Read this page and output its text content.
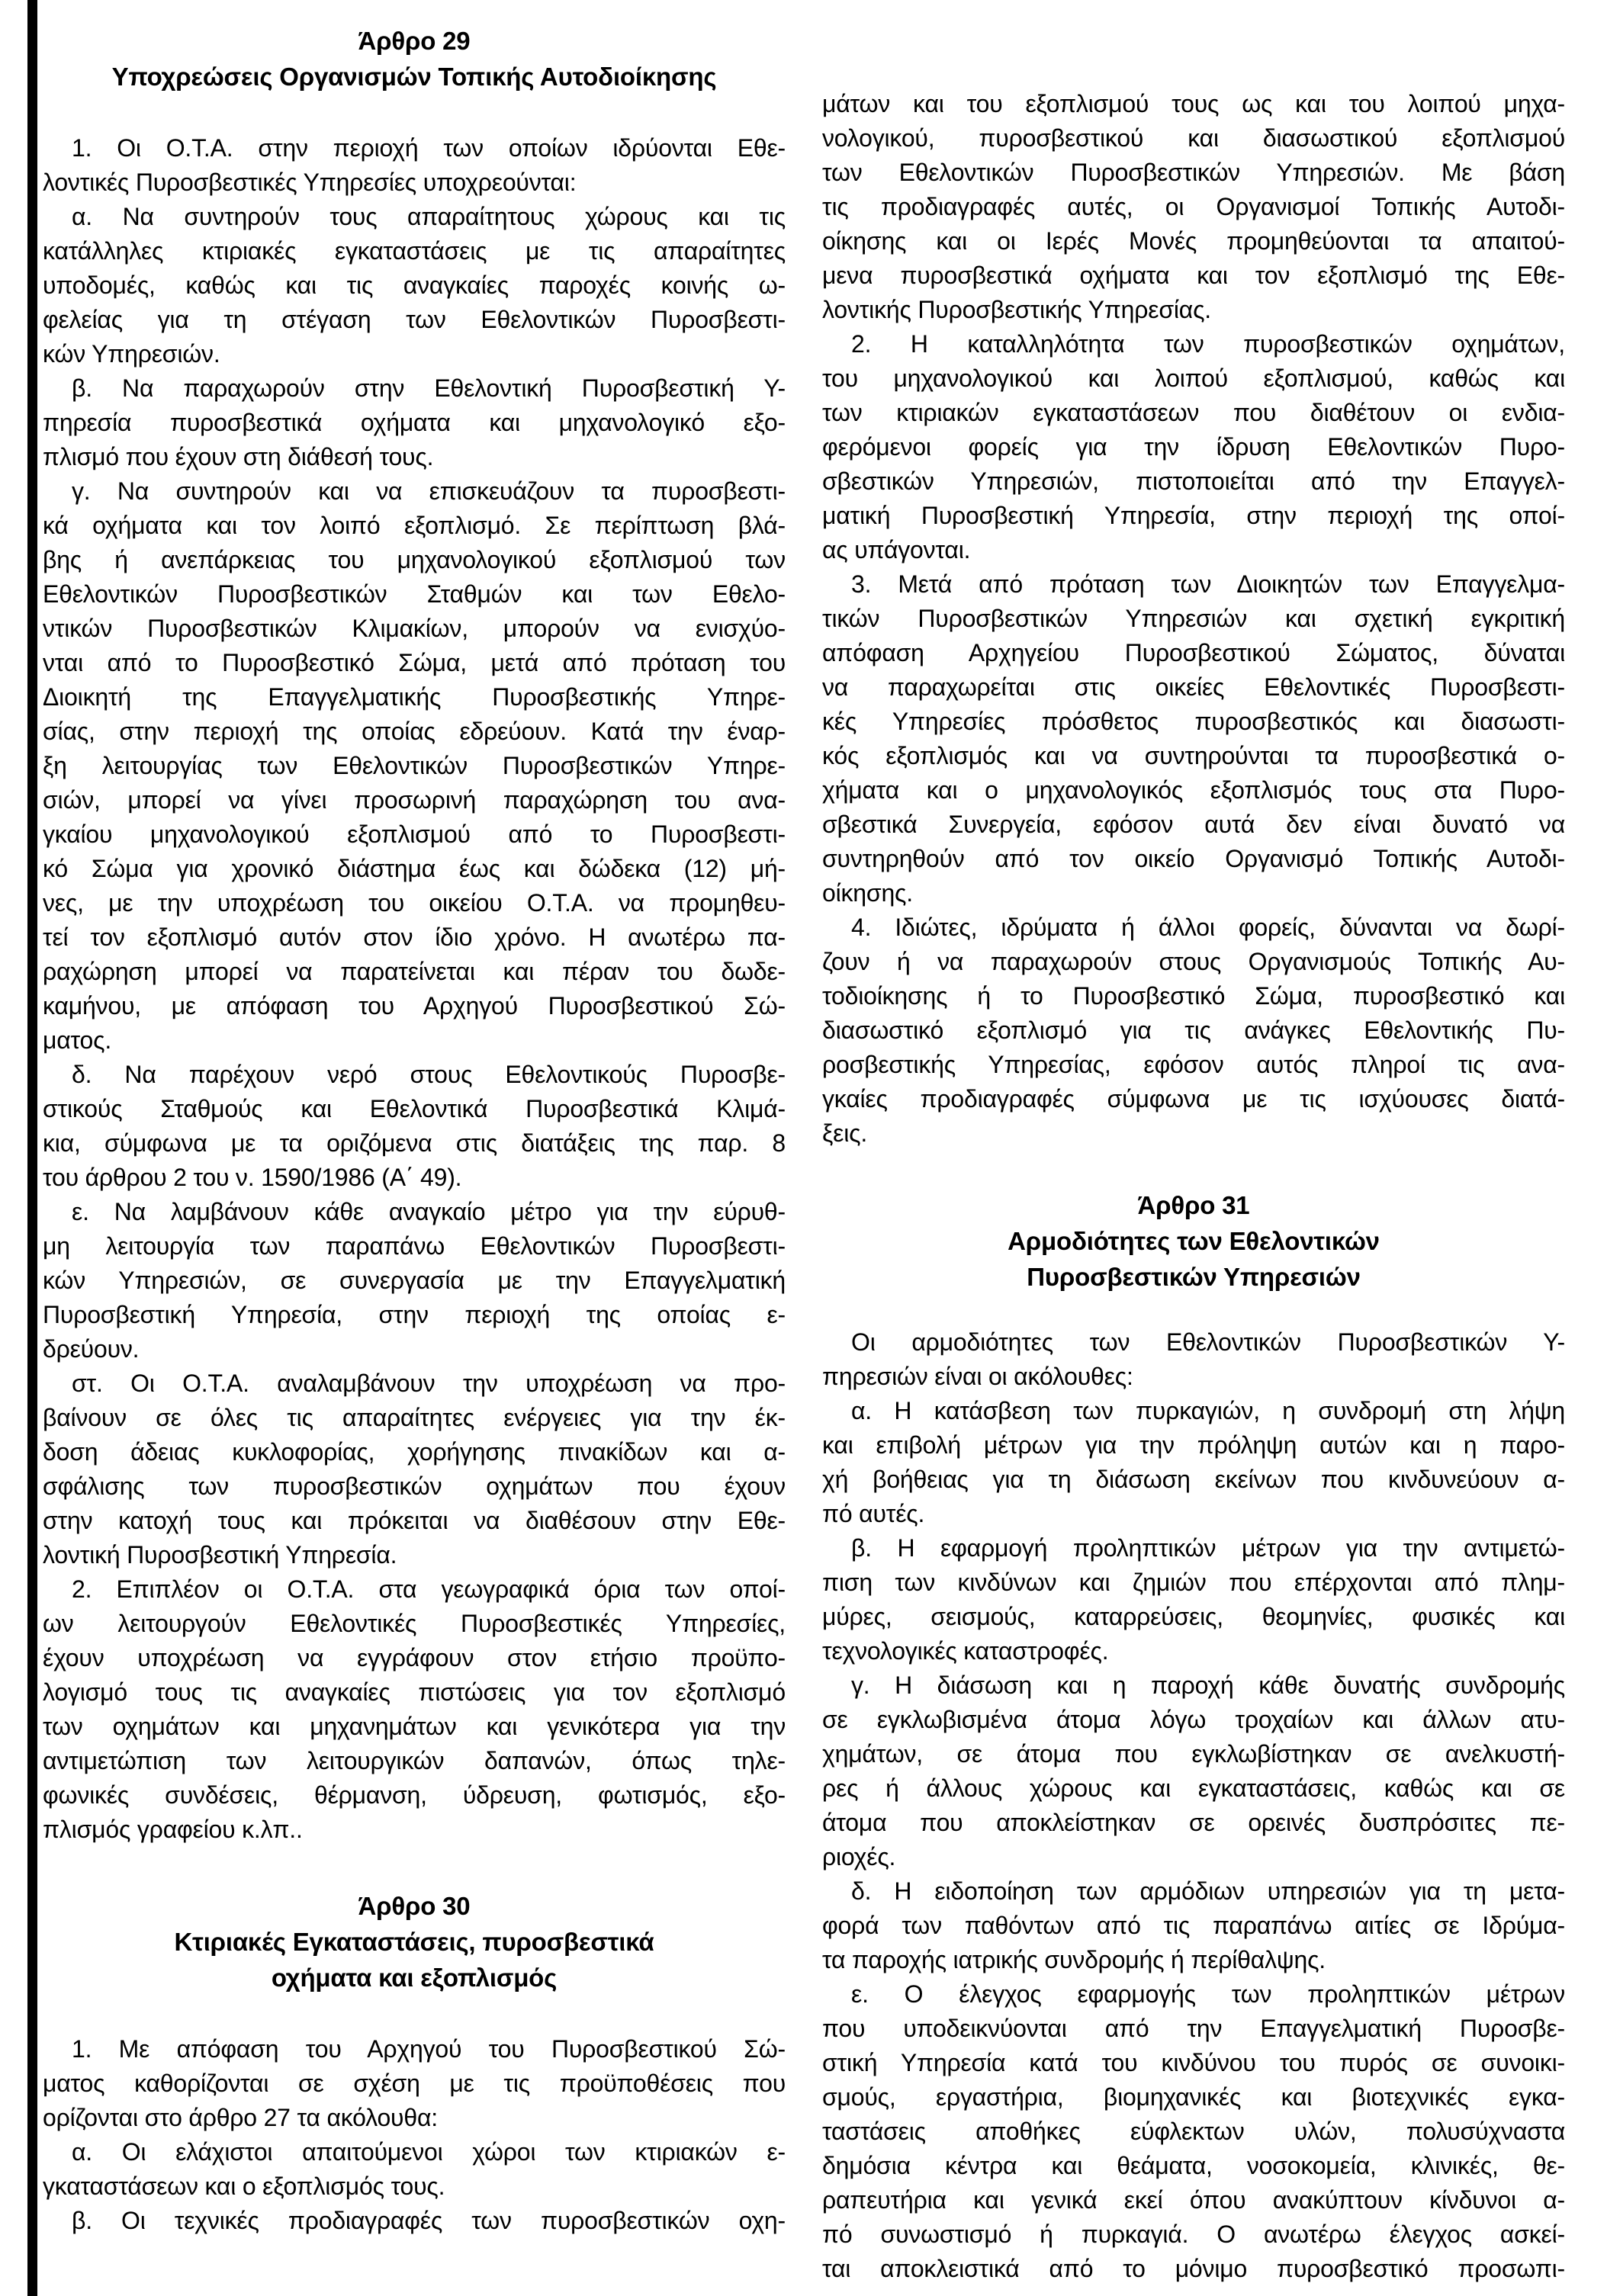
Άρθρο 29
Υποχρεώσεις Οργανισμών Τοπικής Αυτοδιοίκησης
1. Οι Ο.Τ.Α. στην περιοχή των οποίων ιδρύονται Εθε-
λοντικές Πυροσβεστικές Υπηρεσίες υποχρεούνται:
α. Να συντηρούν τους απαραίτητους χώρους και τις
κατάλληλες κτιριακές εγκαταστάσεις με τις απαραίτητες
υποδομές, καθώς και τις αναγκαίες παροχές κοινής ω-
φελείας για τη στέγαση των Εθελοντικών Πυροσβεστι-
κών Υπηρεσιών.
β. Να παραχωρούν στην Εθελοντική Πυροσβεστική Υ-
πηρεσία πυροσβεστικά οχήματα και μηχανολογικό εξο-
πλισμό που έχουν στη διάθεσή τους.
γ. Να συντηρούν και να επισκευάζουν τα πυροσβεστι-
κά οχήματα και τον λοιπό εξοπλισμό. Σε περίπτωση βλά-
βης ή ανεπάρκειας του μηχανολογικού εξοπλισμού των
Εθελοντικών Πυροσβεστικών Σταθμών και των Εθελο-
ντικών Πυροσβεστικών Κλιμακίων, μπορούν να ενισχύο-
νται από το Πυροσβεστικό Σώμα, μετά από πρόταση του
Διοικητή της Επαγγελματικής Πυροσβεστικής Υπηρε-
σίας, στην περιοχή της οποίας εδρεύουν. Κατά την έναρ-
ξη λειτουργίας των Εθελοντικών Πυροσβεστικών Υπηρε-
σιών, μπορεί να γίνει προσωρινή παραχώρηση του ανα-
γκαίου μηχανολογικού εξοπλισμού από το Πυροσβεστι-
κό Σώμα για χρονικό διάστημα έως και δώδεκα (12) μή-
νες, με την υποχρέωση του οικείου Ο.Τ.Α. να προμηθευ-
τεί τον εξοπλισμό αυτόν στον ίδιο χρόνο. Η ανωτέρω πα-
ραχώρηση μπορεί να παρατείνεται και πέραν του δωδε-
καμήνου, με απόφαση του Αρχηγού Πυροσβεστικού Σώ-
ματος.
δ. Να παρέχουν νερό στους Εθελοντικούς Πυροσβε-
στικούς Σταθμούς και Εθελοντικά Πυροσβεστικά Κλιμά-
κια, σύμφωνα με τα οριζόμενα στις διατάξεις της παρ. 8
του άρθρου 2 του ν. 1590/1986 (Α΄ 49).
ε. Να λαμβάνουν κάθε αναγκαίο μέτρο για την εύρυθ-
μη λειτουργία των παραπάνω Εθελοντικών Πυροσβεστι-
κών Υπηρεσιών, σε συνεργασία με την Επαγγελματική
Πυροσβεστική Υπηρεσία, στην περιοχή της οποίας ε-
δρεύουν.
στ. Οι Ο.Τ.Α. αναλαμβάνουν την υποχρέωση να προ-
βαίνουν σε όλες τις απαραίτητες ενέργειες για την έκ-
δοση άδειας κυκλοφορίας, χορήγησης πινακίδων και α-
σφάλισης των πυροσβεστικών οχημάτων που έχουν
στην κατοχή τους και πρόκειται να διαθέσουν στην Εθε-
λοντική Πυροσβεστική Υπηρεσία.
2. Επιπλέον οι Ο.Τ.Α. στα γεωγραφικά όρια των οποί-
ων λειτουργούν Εθελοντικές Πυροσβεστικές Υπηρεσίες,
έχουν υποχρέωση να εγγράφουν στον ετήσιο προϋπο-
λογισμό τους τις αναγκαίες πιστώσεις για τον εξοπλισμό
των οχημάτων και μηχανημάτων και γενικότερα για την
αντιμετώπιση των λειτουργικών δαπανών, όπως τηλε-
φωνικές συνδέσεις, θέρμανση, ύδρευση, φωτισμός, εξο-
πλισμός γραφείου κ.λπ..
Άρθρο 30
Κτιριακές Εγκαταστάσεις, πυροσβεστικά
οχήματα και εξοπλισμός
1. Με απόφαση του Αρχηγού του Πυροσβεστικού Σώ-
ματος καθορίζονται σε σχέση με τις προϋποθέσεις που
ορίζονται στο άρθρο 27 τα ακόλουθα:
α. Οι ελάχιστοι απαιτούμενοι χώροι των κτιριακών ε-
γκαταστάσεων και ο εξοπλισμός τους.
β. Οι τεχνικές προδιαγραφές των πυροσβεστικών οχη-
μάτων και του εξοπλισμού τους ως και του λοιπού μηχα-
νολογικού, πυροσβεστικού και διασωστικού εξοπλισμού
των Εθελοντικών Πυροσβεστικών Υπηρεσιών. Με βάση
τις προδιαγραφές αυτές, οι Οργανισμοί Τοπικής Αυτοδι-
οίκησης και οι Ιερές Μονές προμηθεύονται τα απαιτού-
μενα πυροσβεστικά οχήματα και τον εξοπλισμό της Εθε-
λοντικής Πυροσβεστικής Υπηρεσίας.
2. Η καταλληλότητα των πυροσβεστικών οχημάτων,
του μηχανολογικού και λοιπού εξοπλισμού, καθώς και
των κτιριακών εγκαταστάσεων που διαθέτουν οι ενδια-
φερόμενοι φορείς για την ίδρυση Εθελοντικών Πυρο-
σβεστικών Υπηρεσιών, πιστοποιείται από την Επαγγελ-
ματική Πυροσβεστική Υπηρεσία, στην περιοχή της οποί-
ας υπάγονται.
3. Μετά από πρόταση των Διοικητών των Επαγγελμα-
τικών Πυροσβεστικών Υπηρεσιών και σχετική εγκριτική
απόφαση Αρχηγείου Πυροσβεστικού Σώματος, δύναται
να παραχωρείται στις οικείες Εθελοντικές Πυροσβεστι-
κές Υπηρεσίες πρόσθετος πυροσβεστικός και διασωστι-
κός εξοπλισμός και να συντηρούνται τα πυροσβεστικά ο-
χήματα και ο μηχανολογικός εξοπλισμός τους στα Πυρο-
σβεστικά Συνεργεία, εφόσον αυτά δεν είναι δυνατό να
συντηρηθούν από τον οικείο Οργανισμό Τοπικής Αυτοδι-
οίκησης.
4. Ιδιώτες, ιδρύματα ή άλλοι φορείς, δύνανται να δωρί-
ζουν ή να παραχωρούν στους Οργανισμούς Τοπικής Αυ-
τοδιοίκησης ή το Πυροσβεστικό Σώμα, πυροσβεστικό και
διασωστικό εξοπλισμό για τις ανάγκες Εθελοντικής Πυ-
ροσβεστικής Υπηρεσίας, εφόσον αυτός πληροί τις ανα-
γκαίες προδιαγραφές σύμφωνα με τις ισχύουσες διατά-
ξεις.
Άρθρο 31
Αρμοδιότητες των Εθελοντικών
Πυροσβεστικών Υπηρεσιών
Οι αρμοδιότητες των Εθελοντικών Πυροσβεστικών Υ-
πηρεσιών είναι οι ακόλουθες:
α. Η κατάσβεση των πυρκαγιών, η συνδρομή στη λήψη
και επιβολή μέτρων για την πρόληψη αυτών και η παρο-
χή βοήθειας για τη διάσωση εκείνων που κινδυνεύουν α-
πό αυτές.
β. Η εφαρμογή προληπτικών μέτρων για την αντιμετώ-
πιση των κινδύνων και ζημιών που επέρχονται από πλημ-
μύρες, σεισμούς, καταρρεύσεις, θεομηνίες, φυσικές και
τεχνολογικές καταστροφές.
γ. Η διάσωση και η παροχή κάθε δυνατής συνδρομής
σε εγκλωβισμένα άτομα λόγω τροχαίων και άλλων ατυ-
χημάτων, σε άτομα που εγκλωβίστηκαν σε ανελκυστή-
ρες ή άλλους χώρους και εγκαταστάσεις, καθώς και σε
άτομα που αποκλείστηκαν σε ορεινές δυσπρόσιτες πε-
ριοχές.
δ. Η ειδοποίηση των αρμόδιων υπηρεσιών για τη μετα-
φορά των παθόντων από τις παραπάνω αιτίες σε Ιδρύμα-
τα παροχής ιατρικής συνδρομής ή περίθαλψης.
ε. Ο έλεγχος εφαρμογής των προληπτικών μέτρων
που υποδεικνύονται από την Επαγγελματική Πυροσβε-
στική Υπηρεσία κατά του κινδύνου του πυρός σε συνοικι-
σμούς, εργαστήρια, βιομηχανικές και βιοτεχνικές εγκα-
ταστάσεις αποθήκες εύφλεκτων υλών, πολυσύχναστα
δημόσια κέντρα και θεάματα, νοσοκομεία, κλινικές, θε-
ραπευτήρια και γενικά εκεί όπου ανακύπτουν κίνδυνοι α-
πό συνωστισμό ή πυρκαγιά. Ο ανωτέρω έλεγχος ασκεί-
ται αποκλειστικά από το μόνιμο πυροσβεστικό προσωπι-
